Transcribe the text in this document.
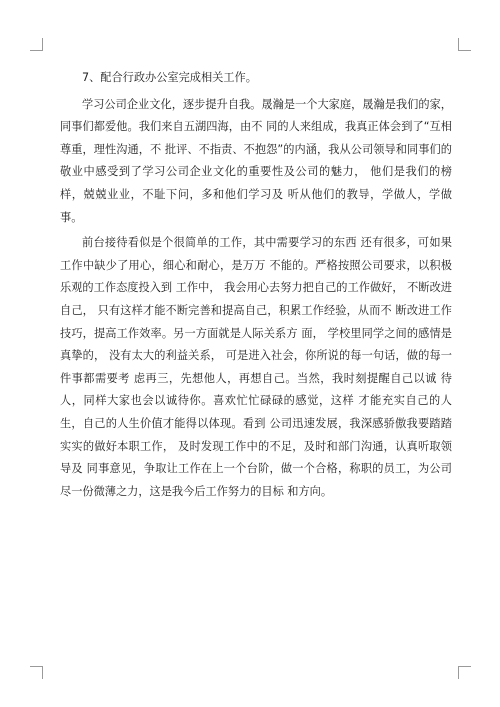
7、配合行政办公室完成相关工作。

学习公司企业文化，逐步提升自我。晟瀚是一个大家庭，晟瀚是我们的家，同事们都爱他。我们来自五湖四海，由不 同的人来组成，我真正体会到了“互相尊重，理性沟通，不 批评、不指责、不抱怨”的内涵，我从公司领导和同事们的 敬业中感受到了学习公司企业文化的重要性及公司的魅力， 他们是我们的榜样，兢兢业业，不耻下问，多和他们学习及 听从他们的教导，学做人，学做事。

前台接待看似是个很简单的工作，其中需要学习的东西 还有很多，可如果工作中缺少了用心，细心和耐心，是万万 不能的。严格按照公司要求，以积极乐观的工作态度投入到 工作中， 我会用心去努力把自己的工作做好， 不断改进自己， 只有这样才能不断完善和提高自己，积累工作经验，从而不 断改进工作技巧，提高工作效率。另一方面就是人际关系方 面， 学校里同学之间的感情是真挚的， 没有太大的利益关系， 可是进入社会，你所说的每一句话，做的每一件事都需要考 虑再三，先想他人，再想自己。当然，我时刻提醒自己以诚 待人，同样大家也会以诚待你。喜欢忙忙碌碌的感觉，这样 才能充实自己的人生，自己的人生价值才能得以体现。看到 公司迅速发展，我深感骄傲我要踏踏实实的做好本职工作， 及时发现工作中的不足，及时和部门沟通，认真听取领导及 同事意见，争取让工作在上一个台阶，做一个合格，称职的员工，为公司尽一份微薄之力，这是我今后工作努力的目标 和方向。
